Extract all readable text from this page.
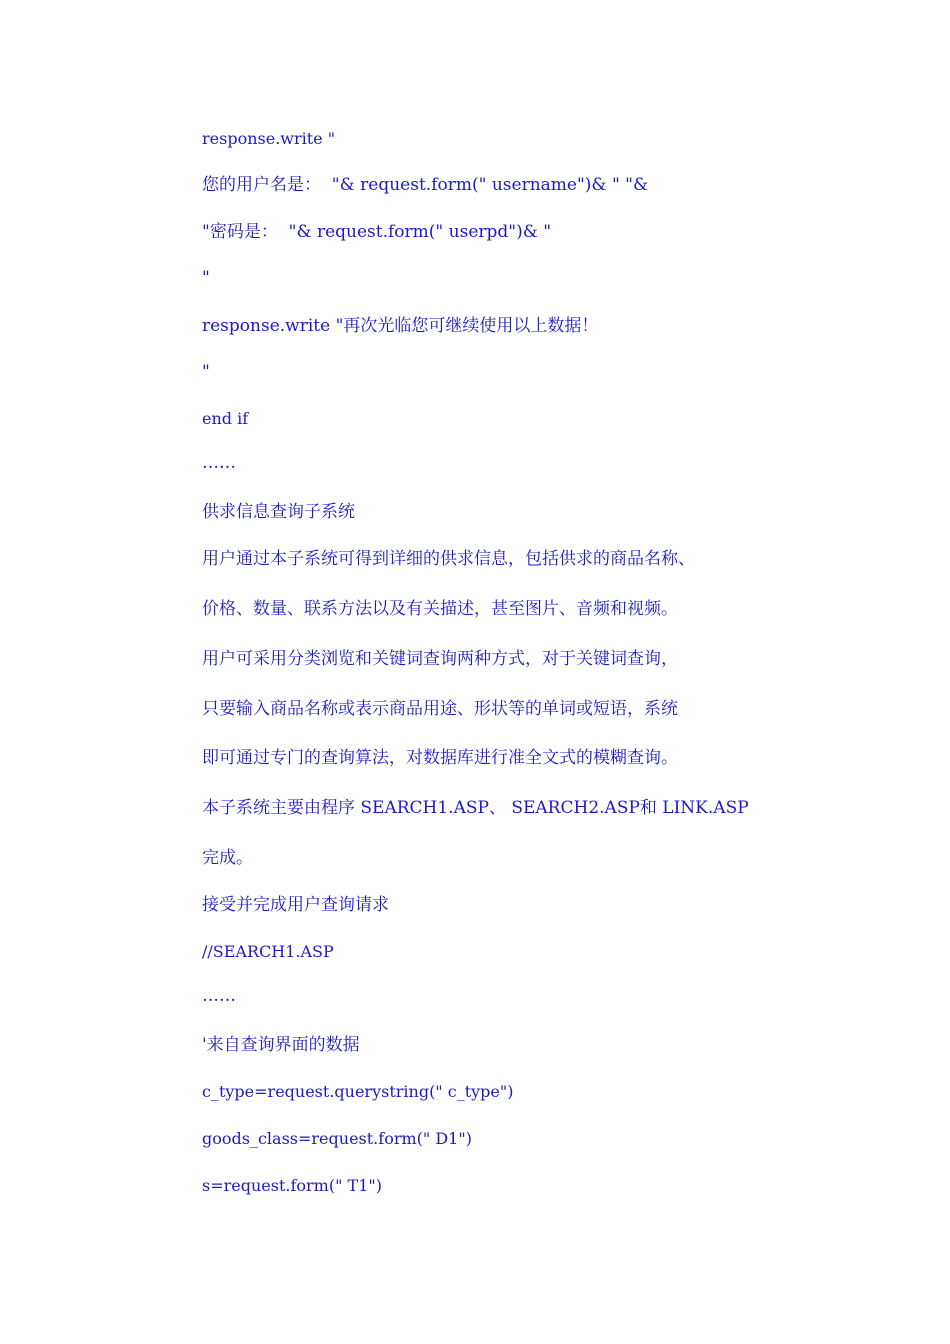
response.write "
您的用户名是：  "& request.form(" username")& " "&
"密码是：  "& request.form(" userpd")& "
"
response.write "再次光临您可继续使用以上数据！
"
end if
……
供求信息查询子系统
用户通过本子系统可得到详细的供求信息，包括供求的商品名称、
价格、数量、联系方法以及有关描述，甚至图片、音频和视频。
用户可采用分类浏览和关键词查询两种方式，对于关键词查询，
只要输入商品名称或表示商品用途、形状等的单词或短语，系统
即可通过专门的查询算法，对数据库进行准全文式的模糊查询。
本子系统主要由程序 SEARCH1.ASP、 SEARCH2.ASP和 LINK.ASP
完成。
接受并完成用户查询请求
//SEARCH1.ASP
……
'来自查询界面的数据
c_type=request.querystring(" c_type")
goods_class=request.form(" D1")
s=request.form(" T1")
